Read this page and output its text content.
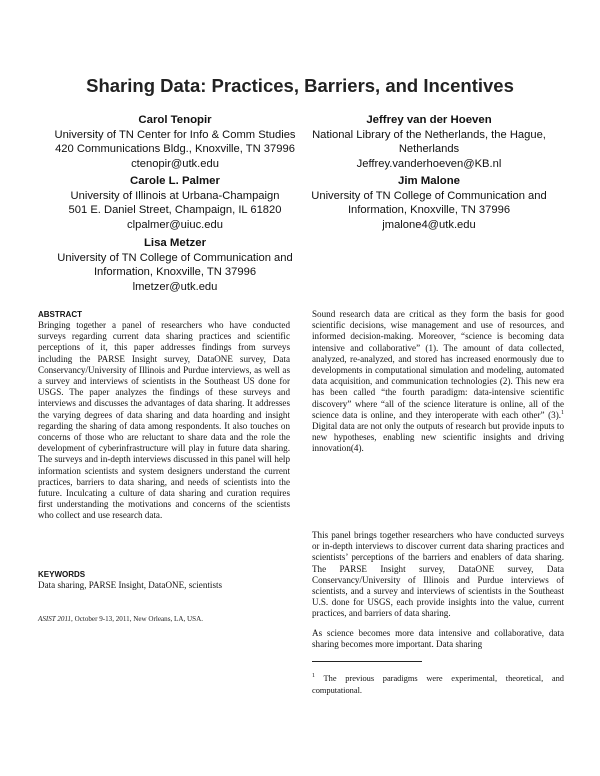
Sharing Data: Practices, Barriers, and Incentives
Carol Tenopir
University of TN Center for Info & Comm Studies
420 Communications Bldg., Knoxville, TN 37996
ctenopir@utk.edu
Jeffrey van der Hoeven
National Library of the Netherlands, the Hague,
Netherlands
Jeffrey.vanderhoeven@KB.nl
Carole L. Palmer
University of Illinois at Urbana-Champaign
501 E. Daniel Street, Champaign, IL 61820
clpalmer@uiuc.edu
Jim Malone
University of TN College of Communication and
Information, Knoxville, TN 37996
jmalone4@utk.edu
Lisa Metzer
University of TN College of Communication and
Information, Knoxville, TN 37996
lmetzer@utk.edu
ABSTRACT
Bringing together a panel of researchers who have conducted surveys regarding current data sharing practices and scientific perceptions of it, this paper addresses findings from surveys including the PARSE Insight survey, DataONE survey, Data Conservancy/University of Illinois and Purdue interviews, as well as a survey and interviews of scientists in the Southeast US done for USGS. The paper analyzes the findings of these surveys and interviews and discusses the advantages of data sharing. It addresses the varying degrees of data sharing and data hoarding and insight regarding the sharing of data among respondents. It also touches on concerns of those who are reluctant to share data and the role the development of cyberinfrastructure will play in future data sharing. The surveys and in-depth interviews discussed in this panel will help information scientists and system designers understand the current practices, barriers to data sharing, and needs of scientists into the future. Inculcating a culture of data sharing and curation requires first understanding the motivations and concerns of the scientists who collect and use research data.
KEYWORDS
Data sharing, PARSE Insight, DataONE, scientists
ASIST 2011, October 9-13, 2011, New Orleans, LA, USA.
Sound research data are critical as they form the basis for good scientific decisions, wise management and use of resources, and informed decision-making. Moreover, “science is becoming data intensive and collaborative” (1). The amount of data collected, analyzed, re-analyzed, and stored has increased enormously due to developments in computational simulation and modeling, automated data acquisition, and communication technologies (2). This new era has been called “the fourth paradigm: data-intensive scientific discovery” where “all of the science literature is online, all of the science data is online, and they interoperate with each other” (3).$^1$ Digital data are not only the outputs of research but provide inputs to new hypotheses, enabling new scientific insights and driving innovation(4).
This panel brings together researchers who have conducted surveys or in-depth interviews to discover current data sharing practices and scientists’ perceptions of the barriers and enablers of data sharing. The PARSE Insight survey, DataONE survey, Data Conservancy/University of Illinois and Purdue interviews of scientists, and a survey and interviews of scientists in the Southeast U.S. done for USGS, each provide insights into the value, current practices, and barriers of data sharing.
As science becomes more data intensive and collaborative, data sharing becomes more important. Data sharing
$^1$ The previous paradigms were experimental, theoretical, and computational.
